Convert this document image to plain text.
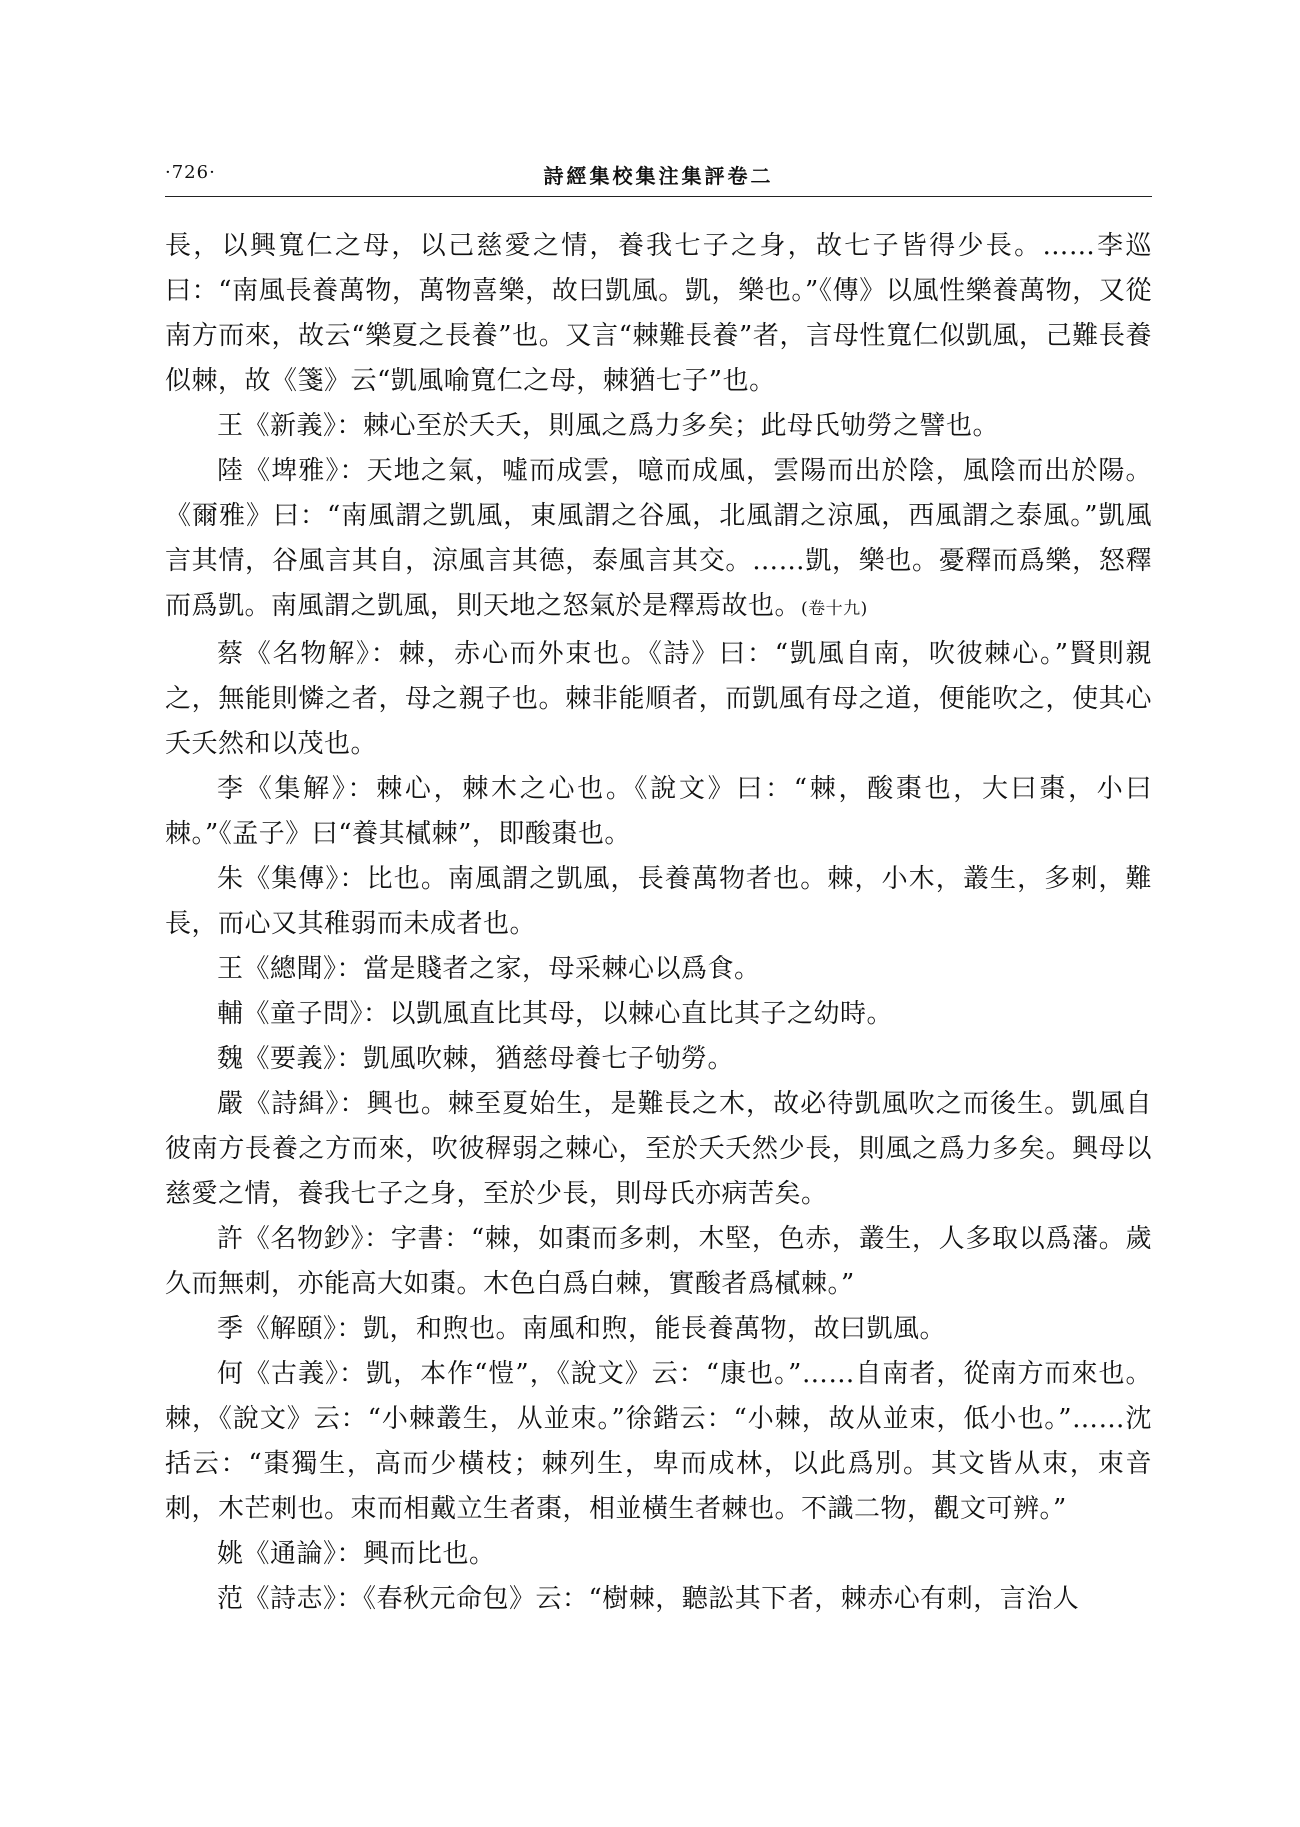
·726·	詩經集校集注集評卷二

長，以興寬仁之母，以己慈愛之情，養我七子之身，故七子皆得少長。……李巡曰：“南風長養萬物，萬物喜樂，故曰凱風。凱，樂也。”《傳》以風性樂養萬物，又從南方而來，故云“樂夏之長養”也。又言“棘難長養”者，言母性寬仁似凱風，己難長養似棘，故《箋》云“凱風喻寬仁之母，棘猶七子”也。

王《新義》：棘心至於夭夭，則風之爲力多矣；此母氏劬勞之譬也。

陸《埤雅》：天地之氣，噓而成雲，噫而成風，雲陽而出於陰，風陰而出於陽。《爾雅》曰：“南風謂之凱風，東風謂之谷風，北風謂之涼風，西風謂之泰風。”凱風言其情，谷風言其自，涼風言其德，泰風言其交。……凱，樂也。憂釋而爲樂，怒釋而爲凱。南風謂之凱風，則天地之怒氣於是釋焉故也。(卷十九)

蔡《名物解》：棘，赤心而外束也。《詩》曰：“凱風自南，吹彼棘心。”賢則親之，無能則憐之者，母之親子也。棘非能順者，而凱風有母之道，便能吹之，使其心夭夭然和以茂也。

李《集解》：棘心，棘木之心也。《說文》曰：“棘，酸棗也，大曰棗，小曰棘。”《孟子》曰“養其樲棘”，即酸棗也。

朱《集傳》：比也。南風謂之凱風，長養萬物者也。棘，小木，叢生，多刺，難長，而心又其稚弱而未成者也。

王《總聞》：當是賤者之家，母采棘心以爲食。

輔《童子問》：以凱風直比其母，以棘心直比其子之幼時。

魏《要義》：凱風吹棘，猶慈母養七子劬勞。

嚴《詩緝》：興也。棘至夏始生，是難長之木，故必待凱風吹之而後生。凱風自彼南方長養之方而來，吹彼稺弱之棘心，至於夭夭然少長，則風之爲力多矣。興母以慈愛之情，養我七子之身，至於少長，則母氏亦病苦矣。

許《名物鈔》：字書：“棘，如棗而多刺，木堅，色赤，叢生，人多取以爲藩。歲久而無刺，亦能高大如棗。木色白爲白棘，實酸者爲樲棘。”

季《解頤》：凱，和煦也。南風和煦，能長養萬物，故曰凱風。

何《古義》：凱，本作“愷”，《說文》云：“康也。”……自南者，從南方而來也。棘，《說文》云：“小棘叢生，从並朿。”徐鍇云：“小棘，故从並朿，低小也。”……沈括云：“棗獨生，高而少橫枝；棘列生，卑而成林，以此爲別。其文皆从朿，朿音刺，木芒刺也。朿而相戴立生者棗，相並橫生者棘也。不識二物，觀文可辨。”

姚《通論》：興而比也。

范《詩志》：《春秋元命包》云：“樹棘，聽訟其下者，棘赤心有刺，言治人
